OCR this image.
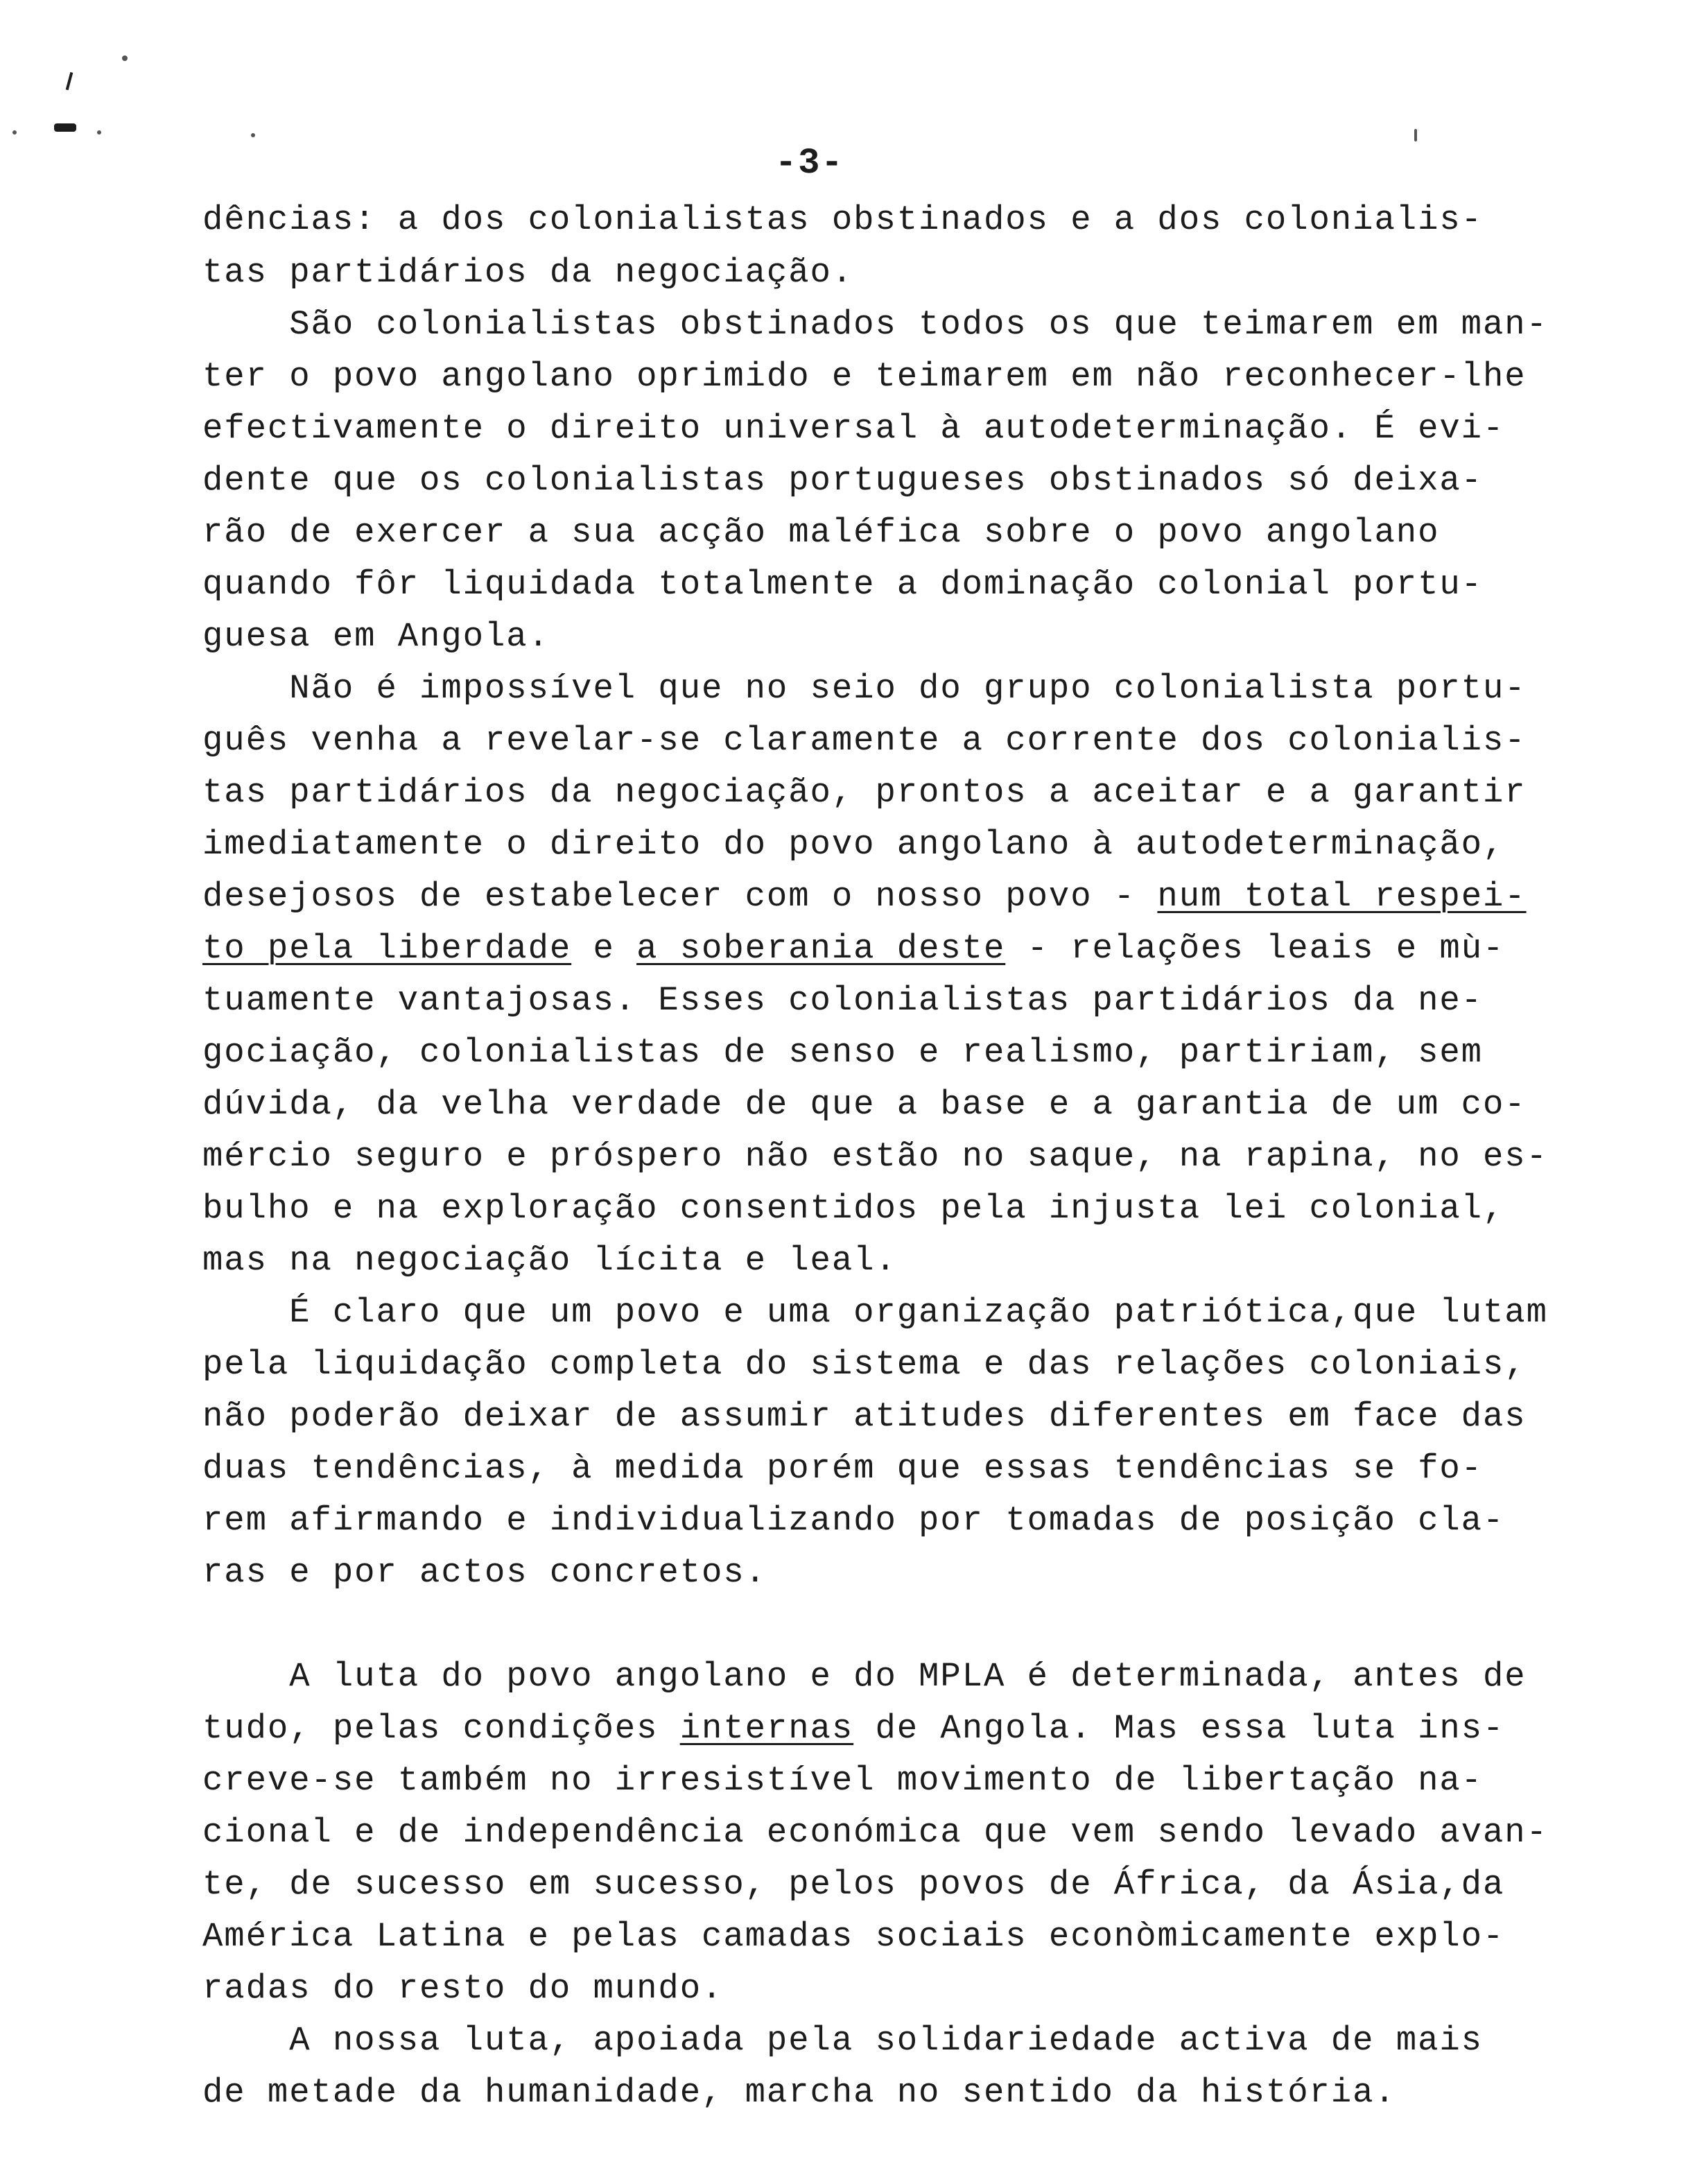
-3-
dências: a dos colonialistas obstinados e a dos colonialis-
tas partidários da negociação.
São colonialistas obstinados todos os que teimarem em man-
ter o povo angolano oprimido e teimarem em não reconhecer-lhe
efectivamente o direito universal à autodeterminação. É evi-
dente que os colonialistas portugueses obstinados só deixa-
rão de exercer a sua acção maléfica sobre o povo angolano
quando fôr liquidada totalmente a dominação colonial portu-
guesa em Angola.
Não é impossível que no seio do grupo colonialista portu-
guês venha a revelar-se claramente a corrente dos colonialis-
tas partidários da negociação, prontos a aceitar e a garantir
imediatamente o direito do povo angolano à autodeterminação,
desejosos de estabelecer com o nosso povo - num total respei-
to pela liberdade e a soberania deste - relações leais e mù-
tuamente vantajosas. Esses colonialistas partidários da ne-
gociação, colonialistas de senso e realismo, partiriam, sem
dúvida, da velha verdade de que a base e a garantia de um co-
mércio seguro e próspero não estão no saque, na rapina, no es-
bulho e na exploração consentidos pela injusta lei colonial,
mas na negociação lícita e leal.
É claro que um povo e uma organização patriótica,que lutam
pela liquidação completa do sistema e das relações coloniais,
não poderão deixar de assumir atitudes diferentes em face das
duas tendências, à medida porém que essas tendências se fo-
rem afirmando e individualizando por tomadas de posição cla-
ras e por actos concretos.
A luta do povo angolano e do MPLA é determinada, antes de
tudo, pelas condições internas de Angola. Mas essa luta ins-
creve-se também no irresistível movimento de libertação na-
cional e de independência económica que vem sendo levado avan-
te, de sucesso em sucesso, pelos povos de África, da Ásia,da
América Latina e pelas camadas sociais econòmicamente explo-
radas do resto do mundo.
A nossa luta, apoiada pela solidariedade activa de mais
de metade da humanidade, marcha no sentido da história.
